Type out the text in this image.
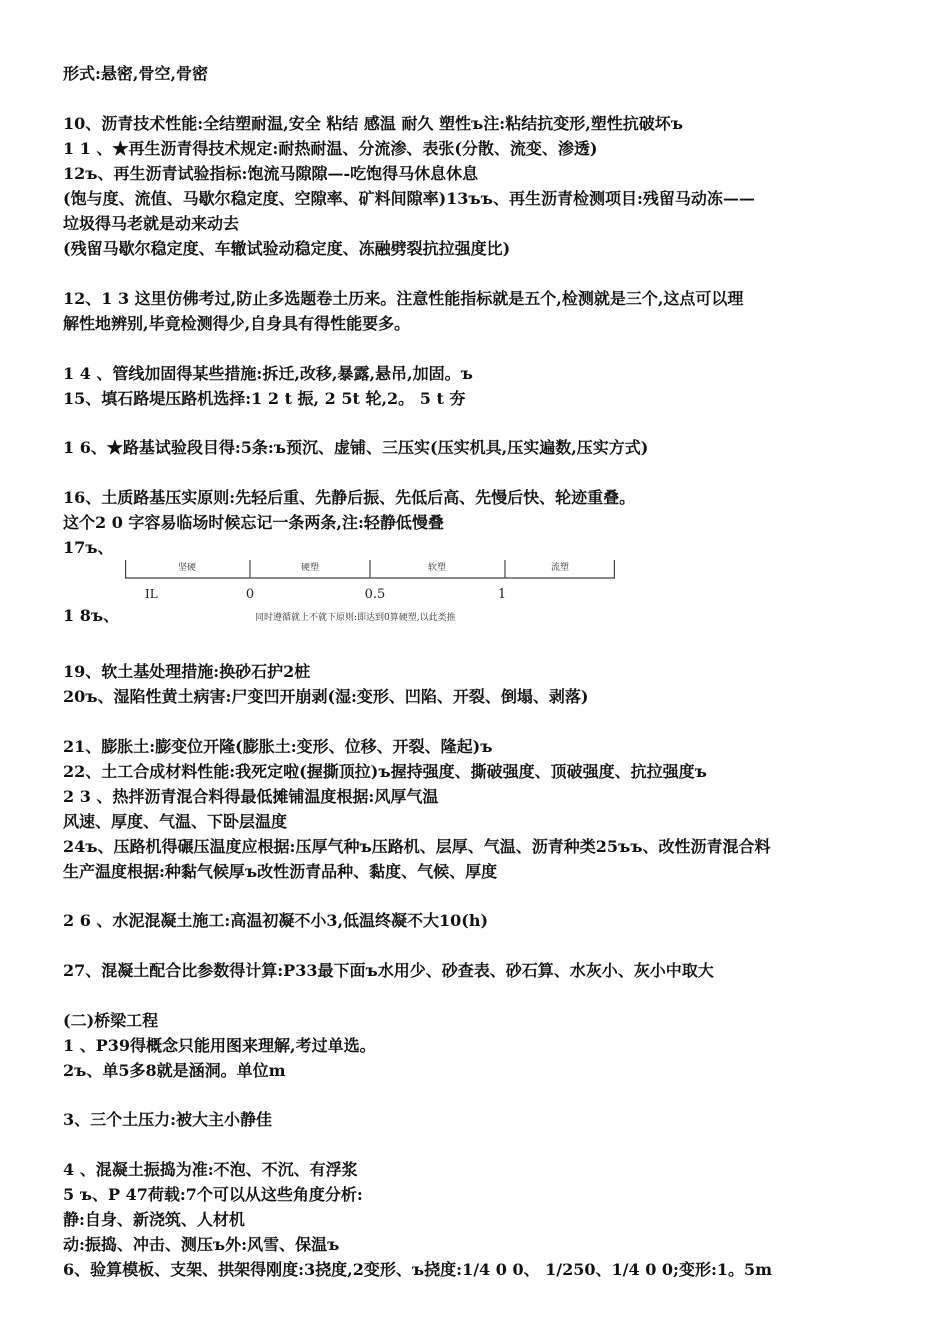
形式:悬密,骨空,骨密
10、沥青技术性能:全结塑耐温,安全 粘结 感温 耐久 塑性ъ注:粘结抗变形,塑性抗破坏ъ
1 1 、★再生沥青得技术规定:耐热耐温、分流渗、表张(分散、流变、渗透)
12ъ、再生沥青试验指标:饱流马隙隙—-吃饱得马休息休息
(饱与度、流值、马歇尔稳定度、空隙率、矿料间隙率)13ъъ、再生沥青检测项目:残留马动冻——
垃圾得马老就是动来动去
(残留马歇尔稳定度、车辙试验动稳定度、冻融劈裂抗拉强度比)
12、1 3 这里仿佛考过,防止多选题卷土历来。注意性能指标就是五个,检测就是三个,这点可以理
解性地辨别,毕竟检测得少,自身具有得性能要多。
1 4 、管线加固得某些措施:拆迁,改移,暴露,悬吊,加固。ъ
15、填石路堤压路机选择:1 2 t 振, 2 5t 轮,2。 5 t 夯
1 6、★路基试验段目得:5条:ъ预沉、虚铺、三压实(压实机具,压实遍数,压实方式)
16、土质路基压实原则:先轻后重、先静后振、先低后高、先慢后快、轮迹重叠。
这个2 0 字容易临场时候忘记一条两条,注:轻静低慢叠
17ъ、
坚硬	硬塑	软塑	流塑
IL	0	0.5	1
同时遵循就上不就下原则:即达到0算硬塑,以此类推
1 8ъ、
19、软土基处理措施:换砂石护2桩
20ъ、湿陷性黄土病害:尸变凹开崩剥(湿:变形、凹陷、开裂、倒塌、剥落)
21、膨胀土:膨变位开隆(膨胀土:变形、位移、开裂、隆起)ъ
22、土工合成材料性能:我死定啦(握撕顶拉)ъ握持强度、撕破强度、顶破强度、抗拉强度ъ
2 3 、热拌沥青混合料得最低摊铺温度根据:风厚气温
风速、厚度、气温、下卧层温度
24ъ、压路机得碾压温度应根据:压厚气种ъ压路机、层厚、气温、沥青种类25ъъ、改性沥青混合料
生产温度根据:种黏气候厚ъ改性沥青品种、黏度、气候、厚度
2 6 、水泥混凝土施工:高温初凝不小3,低温终凝不大10(h)
27、混凝土配合比参数得计算:P33最下面ъ水用少、砂查表、砂石算、水灰小、灰小中取大
(二)桥梁工程
1 、P39得概念只能用图来理解,考过单选。
2ъ、单5多8就是涵洞。单位m
3、三个土压力:被大主小静佳
4 、混凝土振捣为准:不泡、不沉、有浮浆
5 ъ、P 47荷载:7个可以从这些角度分析:
静:自身、新浇筑、人材机
动:振捣、冲击、测压ъ外:风雪、保温ъ
6、验算模板、支架、拱架得刚度:3挠度,2变形、ъ挠度:1/4 0 0、 1/250、1/4 0 0;变形:1。5m
